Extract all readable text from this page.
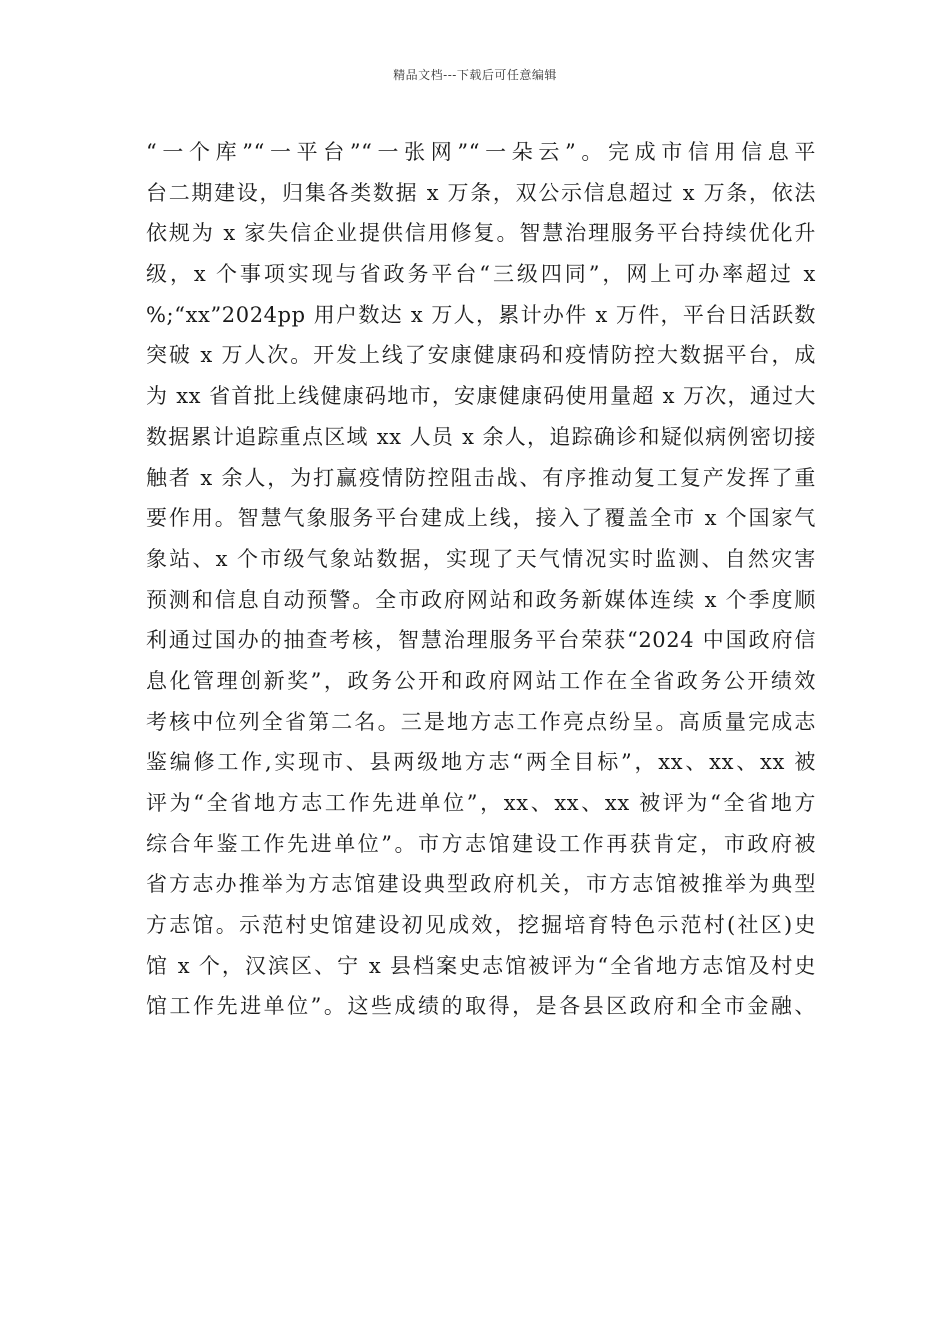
精品文档---下载后可任意编辑
“一个库”“一平台”“一张网”“一朵云”。完成市信用信息平
台二期建设，归集各类数据 x 万条，双公示信息超过 x 万条，依法
依规为 x 家失信企业提供信用修复。智慧治理服务平台持续优化升
级，x 个事项实现与省政务平台“三级四同”，网上可办率超过 x
%;“xx”2024pp 用户数达 x 万人，累计办件 x 万件，平台日活跃数
突破 x 万人次。开发上线了安康健康码和疫情防控大数据平台，成
为 xx 省首批上线健康码地市，安康健康码使用量超 x 万次，通过大
数据累计追踪重点区域 xx 人员 x 余人，追踪确诊和疑似病例密切接
触者 x 余人，为打赢疫情防控阻击战、有序推动复工复产发挥了重
要作用。智慧气象服务平台建成上线，接入了覆盖全市 x 个国家气
象站、x 个市级气象站数据，实现了天气情况实时监测、自然灾害
预测和信息自动预警。全市政府网站和政务新媒体连续 x 个季度顺
利通过国办的抽查考核，智慧治理服务平台荣获“2024 中国政府信
息化管理创新奖”，政务公开和政府网站工作在全省政务公开绩效
考核中位列全省第二名。三是地方志工作亮点纷呈。高质量完成志
鉴编修工作,实现市、县两级地方志“两全目标”，xx、xx、xx 被
评为“全省地方志工作先进单位”，xx、xx、xx 被评为“全省地方
综合年鉴工作先进单位”。市方志馆建设工作再获肯定，市政府被
省方志办推举为方志馆建设典型政府机关，市方志馆被推举为典型
方志馆。示范村史馆建设初见成效，挖掘培育特色示范村(社区)史
馆 x 个，汉滨区、宁 x 县档案史志馆被评为“全省地方志馆及村史
馆工作先进单位”。这些成绩的取得，是各县区政府和全市金融、
